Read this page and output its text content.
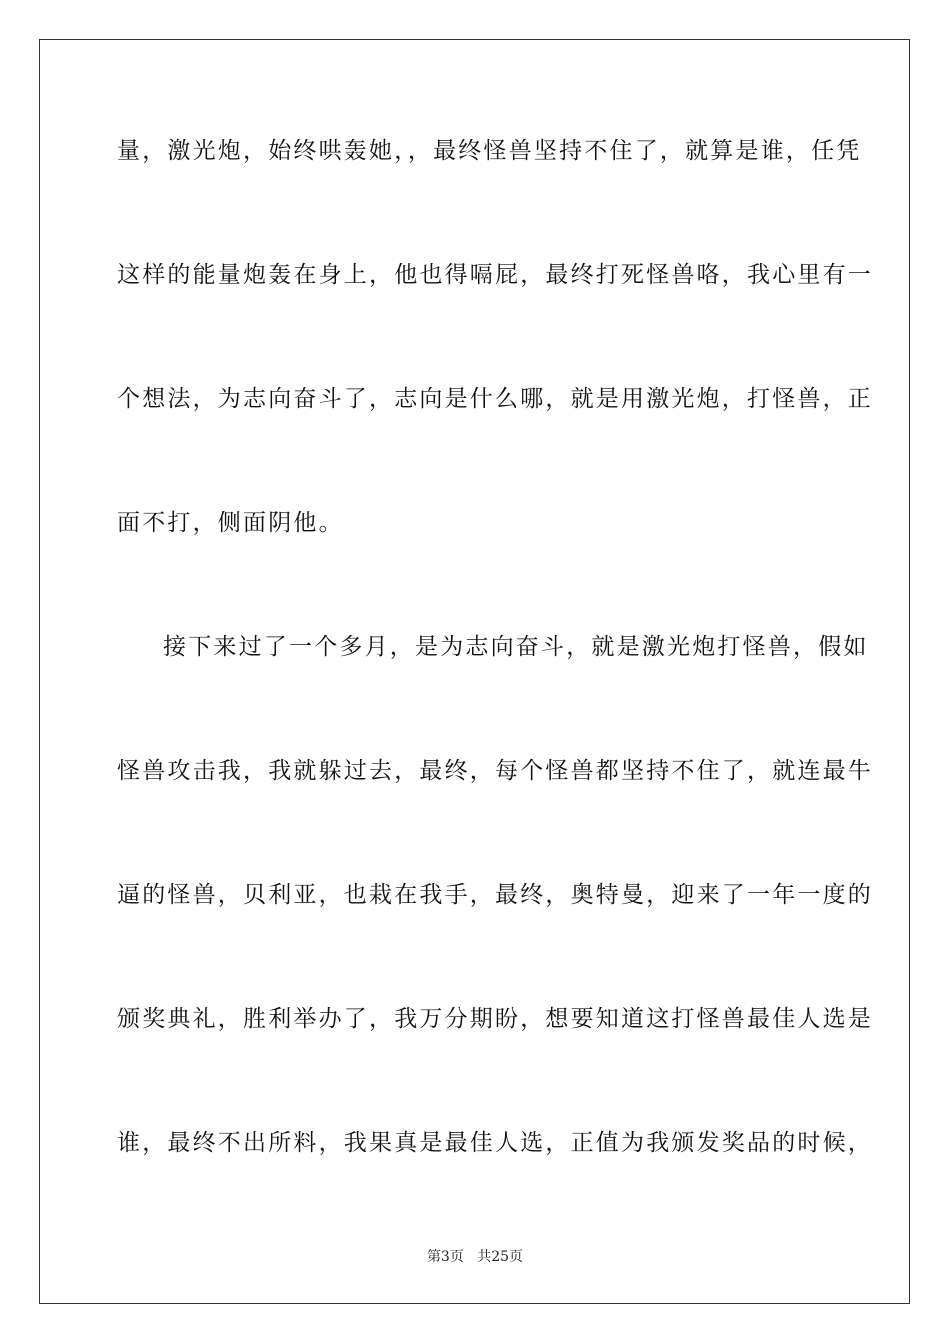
量，激光炮，始终哄轰她，，最终怪兽坚持不住了，就算是谁，任凭
这样的能量炮轰在身上，他也得嗝屁，最终打死怪兽咯，我心里有一
个想法，为志向奋斗了，志向是什么哪，就是用激光炮，打怪兽，正
面不打，侧面阴他。
接下来过了一个多月，是为志向奋斗，就是激光炮打怪兽，假如
怪兽攻击我，我就躲过去，最终，每个怪兽都坚持不住了，就连最牛
逼的怪兽，贝利亚，也栽在我手，最终，奥特曼，迎来了一年一度的
颁奖典礼，胜利举办了，我万分期盼，想要知道这打怪兽最佳人选是
谁，最终不出所料，我果真是最佳人选，正值为我颁发奖品的时候，
第3页 共25页
